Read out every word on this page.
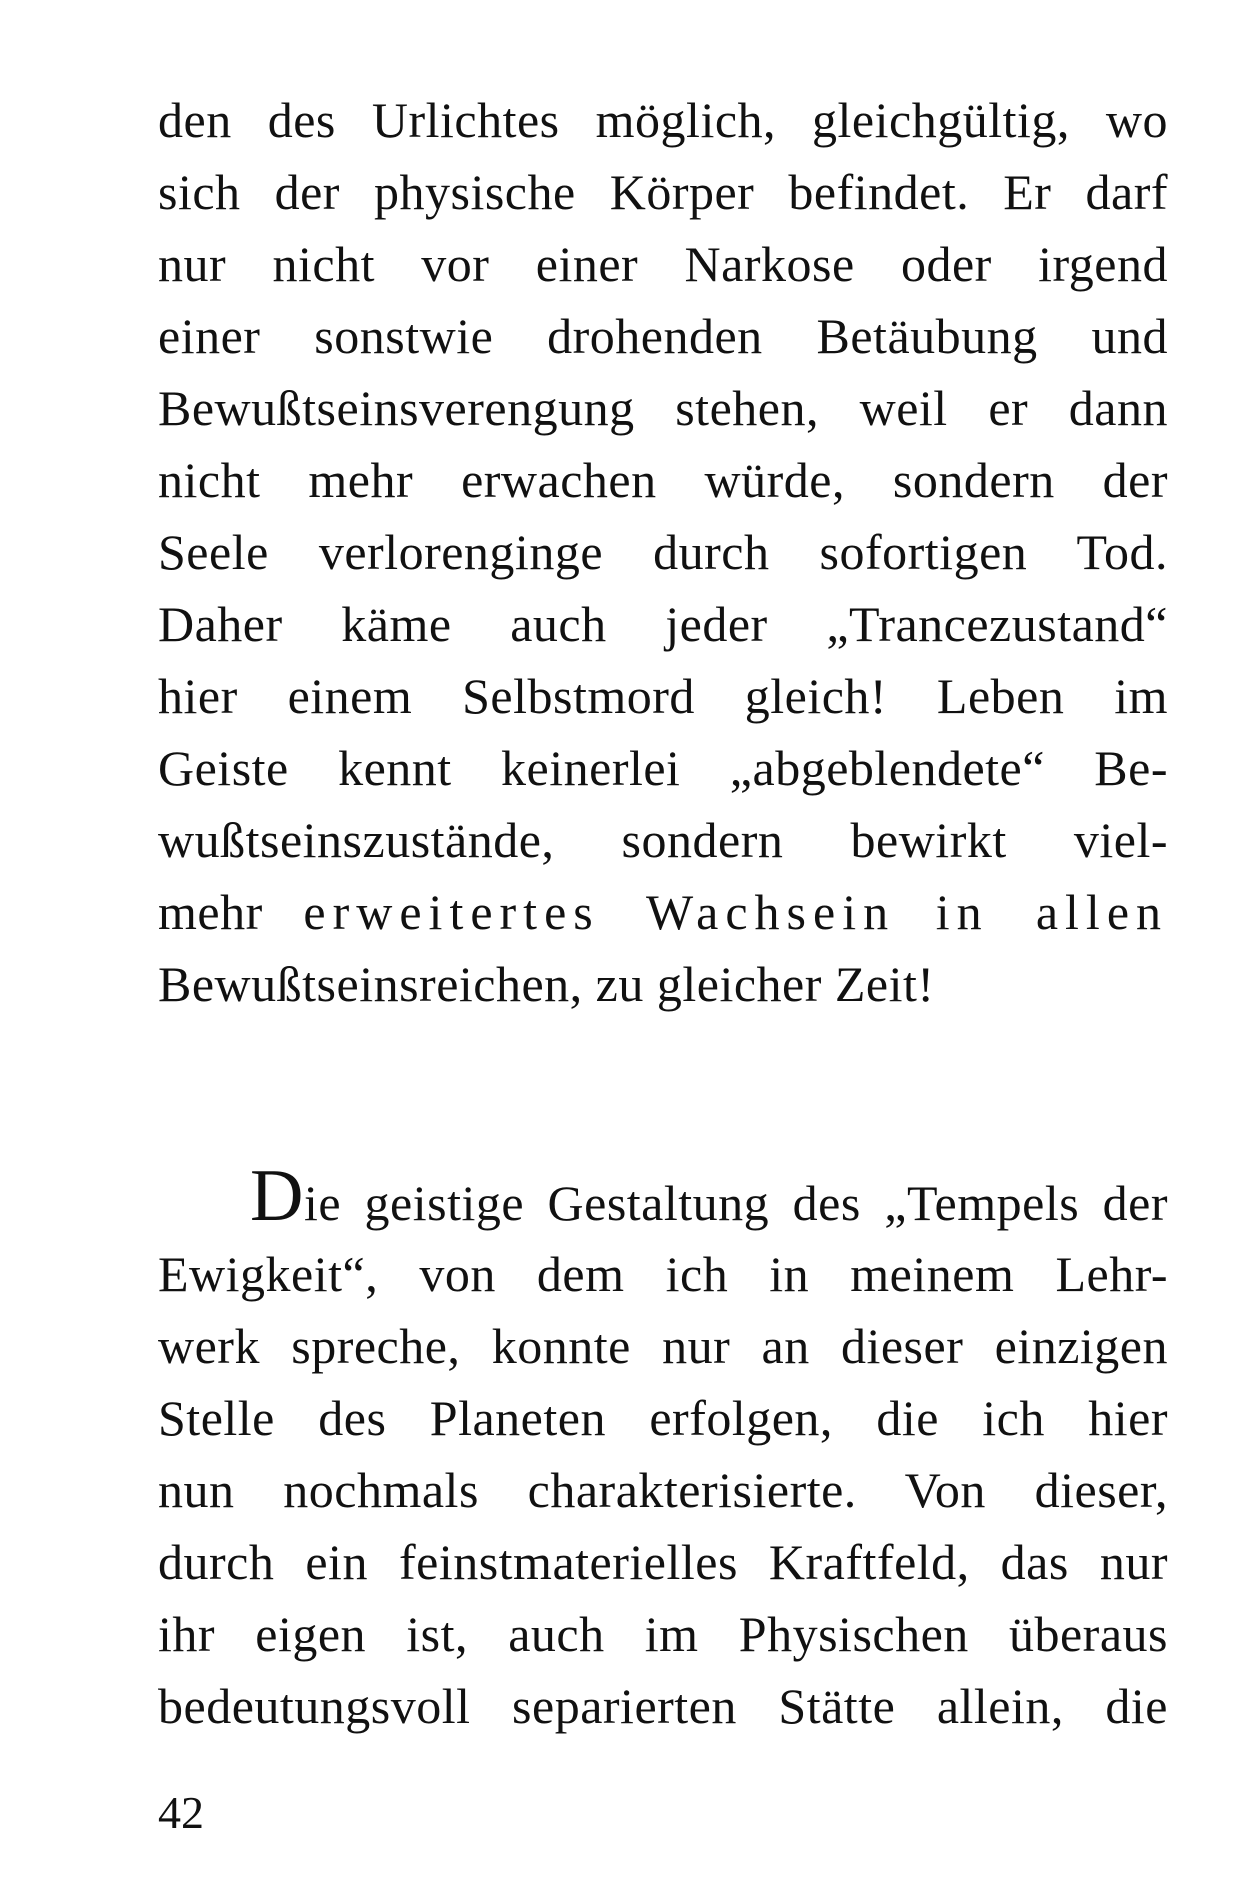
den des Urlichtes möglich, gleichgültig, wo
sich der physische Körper befindet. Er darf
nur nicht vor einer Narkose oder irgend
einer sonstwie drohenden Betäubung und
Bewußtseinsverengung stehen, weil er dann
nicht mehr erwachen würde, sondern der
Seele verlorenginge durch sofortigen Tod.
Daher käme auch jeder „Trancezustand“
hier einem Selbstmord gleich! Leben im
Geiste kennt keinerlei „abgeblendete“ Be-
wußtseinszustände, sondern bewirkt viel-
mehr erweitertes Wachsein in allen
Bewußtseinsreichen, zu gleicher Zeit!
Die geistige Gestaltung des „Tempels der
Ewigkeit“, von dem ich in meinem Lehr-
werk spreche, konnte nur an dieser einzigen
Stelle des Planeten erfolgen, die ich hier
nun nochmals charakterisierte. Von dieser,
durch ein feinstmaterielles Kraftfeld, das nur
ihr eigen ist, auch im Physischen überaus
bedeutungsvoll separierten Stätte allein, die
42
